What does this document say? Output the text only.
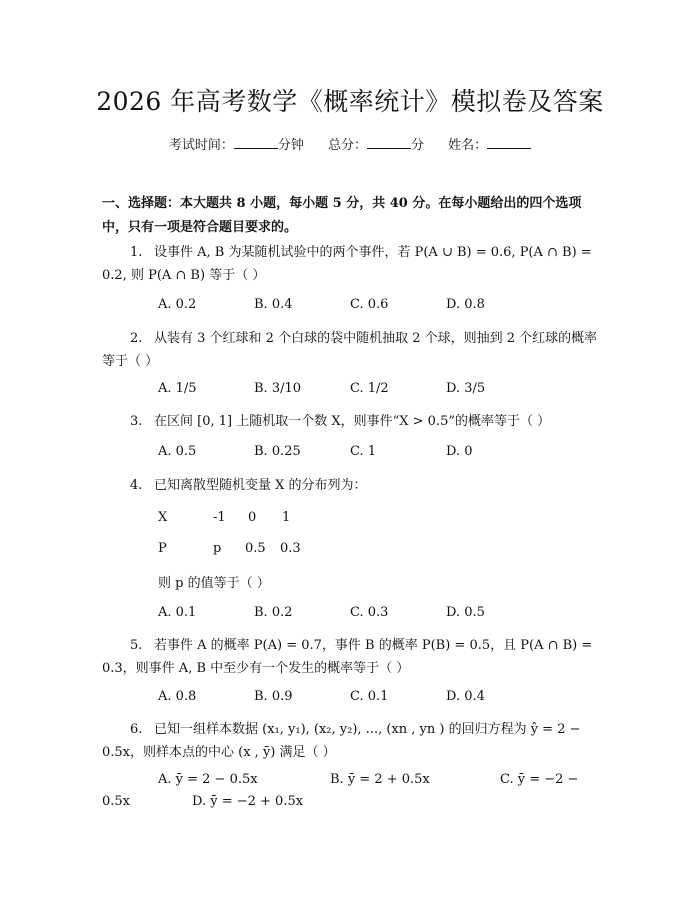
2026 年高考数学《概率统计》模拟卷及答案
考试时间：	分钟 总分：	分 姓名：
一、选择题：本大题共 8 小题，每小题 5 分，共 40 分。在每小题给出的四个选项中，只有一项是符合题目要求的。
1. 设事件 A, B 为某随机试验中的两个事件，若 P(A ∪ B) = 0.6, P(A ∩ B) = 0.2, 则 P(A ∩ B) 等于（ ）
A. 0.2	B. 0.4	C. 0.6	D. 0.8
2. 从装有 3 个红球和 2 个白球的袋中随机抽取 2 个球，则抽到 2 个红球的概率等于（ ）
A. 1/5	B. 3/10	C. 1/2	D. 3/5
3. 在区间 [0, 1] 上随机取一个数 X，则事件“X > 0.5”的概率等于（ ）
A. 0.5	B. 0.25	C. 1	D. 0
4. 已知离散型随机变量 X 的分布列为：
X	-1 0 1
P	p 0.5 0.3
则 p 的值等于（ ）
A. 0.1	B. 0.2	C. 0.3	D. 0.5
5. 若事件 A 的概率 P(A) = 0.7，事件 B 的概率 P(B) = 0.5，且 P(A ∩ B) = 0.3，则事件 A, B 中至少有一个发生的概率等于（ ）
A. 0.8	B. 0.9	C. 0.1	D. 0.4
6. 已知一组样本数据 (x₁, y₁), (x₂, y₂), ..., (xn , yn ) 的回归方程为 ŷ = 2 − 0.5x，则样本点的中心 (x , ȳ) 满足（ ）
A. ȳ = 2 − 0.5x	B. ȳ = 2 + 0.5x	C. ȳ = −2 −
0.5x	D. ȳ = −2 + 0.5x
